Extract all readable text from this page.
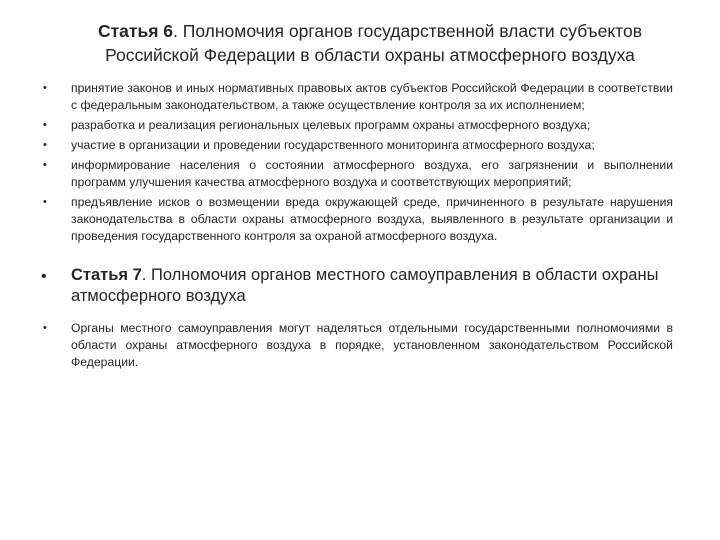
Статья 6. Полномочия органов государственной власти субъектов Российской Федерации в области охраны атмосферного воздуха
• принятие законов и иных нормативных правовых актов субъектов Российской Федерации в соответствии с федеральным законодательством, а также осуществление контроля за их исполнением;
• разработка и реализация региональных целевых программ охраны атмосферного воздуха;
• участие в организации и проведении государственного мониторинга атмосферного воздуха;
• информирование населения о состоянии атмосферного воздуха, его загрязнении и выполнении программ улучшения качества атмосферного воздуха и соответствующих мероприятий;
• предъявление исков о возмещении вреда окружающей среде, причиненного в результате нарушения законодательства в области охраны атмосферного воздуха, выявленного в результате организации и проведения государственного контроля за охраной атмосферного воздуха.
• Статья 7. Полномочия органов местного самоуправления в области охраны атмосферного воздуха
• Органы местного самоуправления могут наделяться отдельными государственными полномочиями в области охраны атмосферного воздуха в порядке, установленном законодательством Российской Федерации.
